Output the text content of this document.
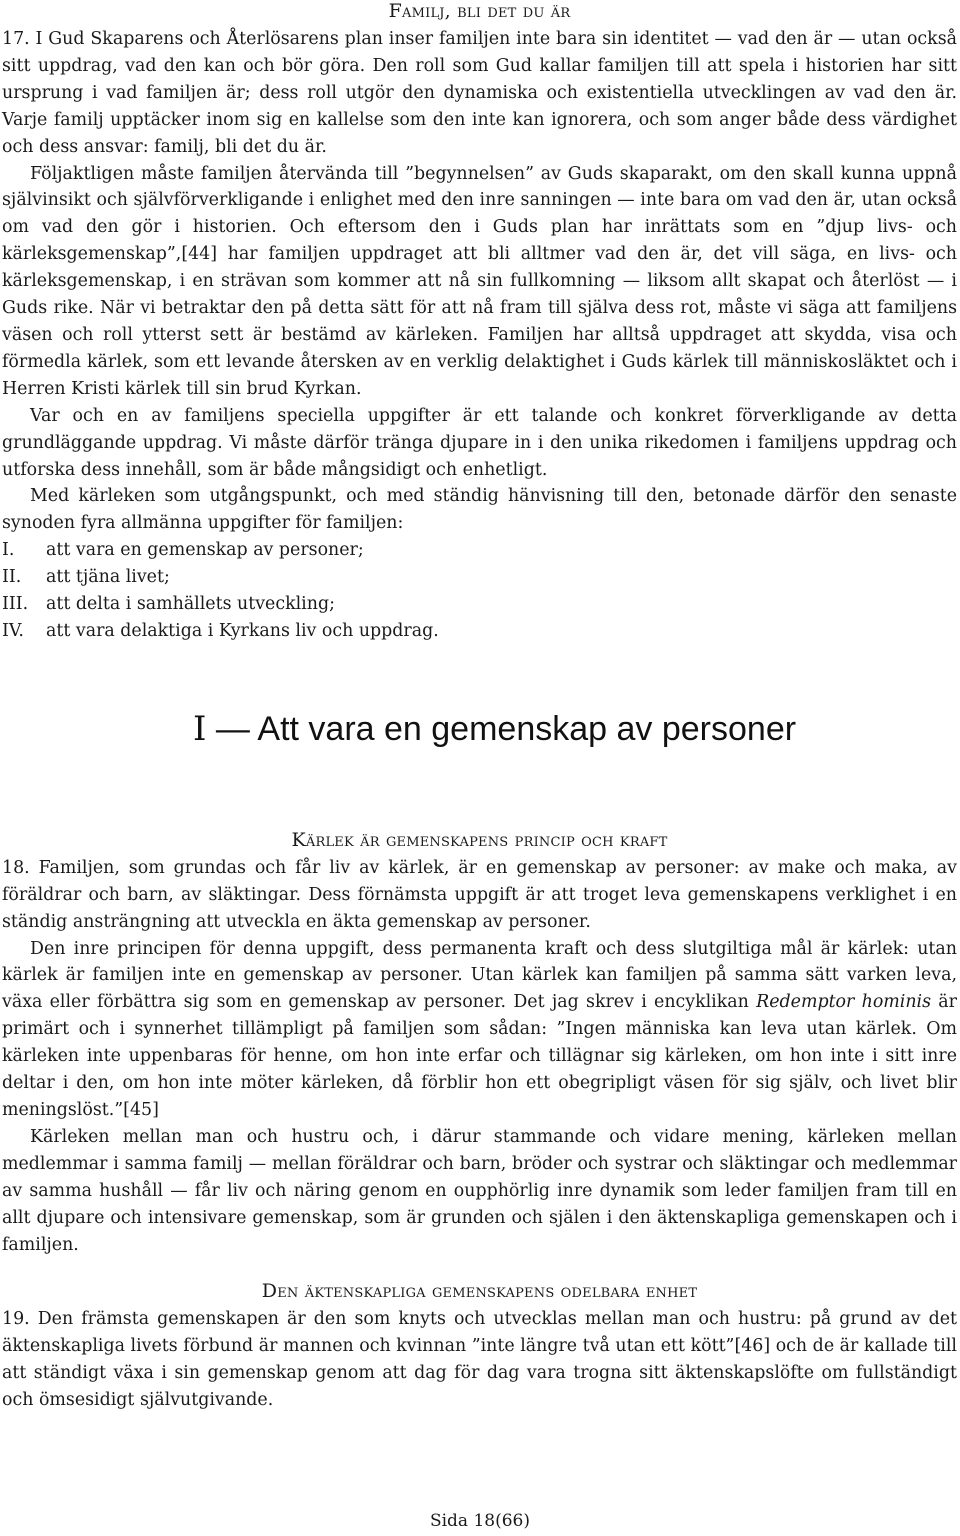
Familj, bli det du är

17. I Gud Skaparens och Återlösarens plan inser familjen inte bara sin identitet — vad den är — utan också sitt uppdrag, vad den kan och bör göra. Den roll som Gud kallar familjen till att spela i historien har sitt ursprung i vad familjen är; dess roll utgör den dynamiska och existentiella utvecklingen av vad den är. Varje familj upptäcker inom sig en kallelse som den inte kan ignorera, och som anger både dess värdighet och dess ansvar: familj, bli det du är.

Följaktligen måste familjen återvända till ”begynnelsen” av Guds skaparakt, om den skall kunna uppnå självinsikt och självförverkligande i enlighet med den inre sanningen — inte bara om vad den är, utan också om vad den gör i historien. Och eftersom den i Guds plan har inrättats som en ”djup livs- och kärleksgemenskap”,[44] har familjen uppdraget att bli alltmer vad den är, det vill säga, en livs- och kärleksgemenskap, i en strävan som kommer att nå sin fullkomning — liksom allt skapat och återlöst — i Guds rike. När vi betraktar den på detta sätt för att nå fram till själva dess rot, måste vi säga att familjens väsen och roll ytterst sett är bestämd av kärleken. Familjen har alltså uppdraget att skydda, visa och förmedla kärlek, som ett levande återsken av en verklig delaktighet i Guds kärlek till människosläktet och i Herren Kristi kärlek till sin brud Kyrkan.

Var och en av familjens speciella uppgifter är ett talande och konkret förverkligande av detta grundläggande uppdrag. Vi måste därför tränga djupare in i den unika rikedomen i familjens uppdrag och utforska dess innehåll, som är både mångsidigt och enhetligt.

Med kärleken som utgångspunkt, och med ständig hänvisning till den, betonade därför den senaste synoden fyra allmänna uppgifter för familjen:

I.	att vara en gemenskap av personer;
II.	att tjäna livet;
III.	att delta i samhällets utveckling;
IV.	att vara delaktiga i Kyrkans liv och uppdrag.
I — Att vara en gemenskap av personer
Kärlek är gemenskapens princip och kraft

18. Familjen, som grundas och får liv av kärlek, är en gemenskap av personer: av make och maka, av föräldrar och barn, av släktingar. Dess förnämsta uppgift är att troget leva gemenskapens verklighet i en ständig ansträngning att utveckla en äkta gemenskap av personer.

Den inre principen för denna uppgift, dess permanenta kraft och dess slutgiltiga mål är kärlek: utan kärlek är familjen inte en gemenskap av personer. Utan kärlek kan familjen på samma sätt varken leva, växa eller förbättra sig som en gemenskap av personer. Det jag skrev i encyklikan Redemptor hominis är primärt och i synnerhet tillämpligt på familjen som sådan: ”Ingen människa kan leva utan kärlek. Om kärleken inte uppenbaras för henne, om hon inte erfar och tillägnar sig kärleken, om hon inte i sitt inre deltar i den, om hon inte möter kärleken, då förblir hon ett obegripligt väsen för sig själv, och livet blir meningslöst.”[45]

Kärleken mellan man och hustru och, i därur stammande och vidare mening, kärleken mellan medlemmar i samma familj — mellan föräldrar och barn, bröder och systrar och släktingar och medlemmar av samma hushåll — får liv och näring genom en oupphörlig inre dynamik som leder familjen fram till en allt djupare och intensivare gemenskap, som är grunden och själen i den äktenskapliga gemenskapen och i familjen.

Den äktenskapliga gemenskapens odelbara enhet

19. Den främsta gemenskapen är den som knyts och utvecklas mellan man och hustru: på grund av det äktenskapliga livets förbund är mannen och kvinnan ”inte längre två utan ett kött”[46] och de är kallade till att ständigt växa i sin gemenskap genom att dag för dag vara trogna sitt äktenskapslöfte om fullständigt och ömsesidigt självutgivande.

Sida 18(66)
